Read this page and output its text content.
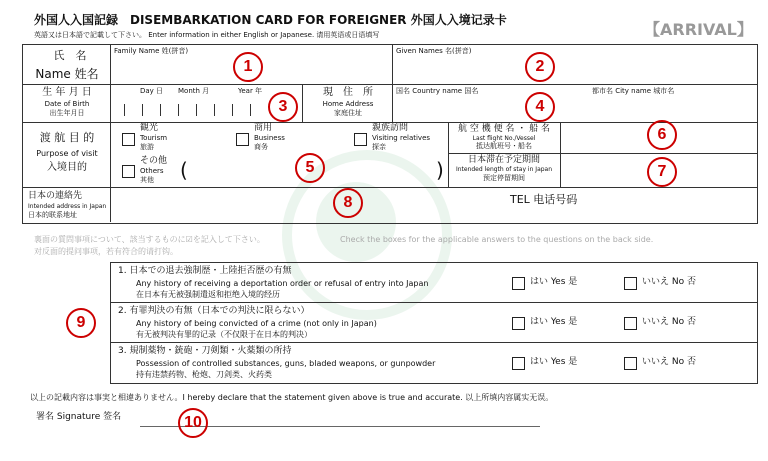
外国人入国記録　DISEMBARKATION CARD FOR FOREIGNER 外国人入境记录卡
英語又は日本語で記載して下さい。 Enter information in either English or Japanese. 请用英语或日语填写	【ARRIVAL】
氏　名
Name 姓名
Family Name 姓(拼音)	Given Names 名(拼音)
1	2
生 年 月 日
Date of Birth
出生年月日
Day 日 Month 月	Year 年
3
現　住　所
Home Address
家庭住址
国名 Country name 国名	都市名 City name 城市名
4
渡 航 目 的
Purpose of visit
入境目的
観光
Tourism
旅游
商用
Business
商务
親族訪問
Visiting relatives
探亲
その他
Others
其他 (	)
5
航 空 機 便 名 ・ 船 名
Last flight No./Vessel
抵达航班号・船名
6
日本滞在予定期間
Intended length of stay in Japan
预定停留期间	7
日本の連絡先
Intended address in Japan
日本的联系地址
TEL 电话号码
8
裏面の質問事項について、該当するものに☑を記入して下さい。	Check the boxes for the applicable answers to the questions on the back side.
对反面的提问事项，若有符合的请打钩。
9
1. 日本での退去強制歴・上陸拒否歴の有無
Any history of receiving a deportation order or refusal of entry into Japan
在日本有无被强制遣返和拒绝入境的经历
はい Yes 是	いいえ No 否
2. 有罪判決の有無（日本での判決に限らない）
Any history of being convicted of a crime (not only in Japan)
有无被判决有罪的记录（不仅限于在日本的判决）
はい Yes 是	いいえ No 否
3. 規制薬物・銃砲・刀剣類・火薬類の所持
Possession of controlled substances, guns, bladed weapons, or gunpowder
持有违禁药物、枪炮、刀剑类、火药类
はい Yes 是	いいえ No 否
以上の記載内容は事実と相違ありません。I hereby declare that the statement given above is true and accurate. 以上所填内容属实无误。
署名 Signature 签名	10
